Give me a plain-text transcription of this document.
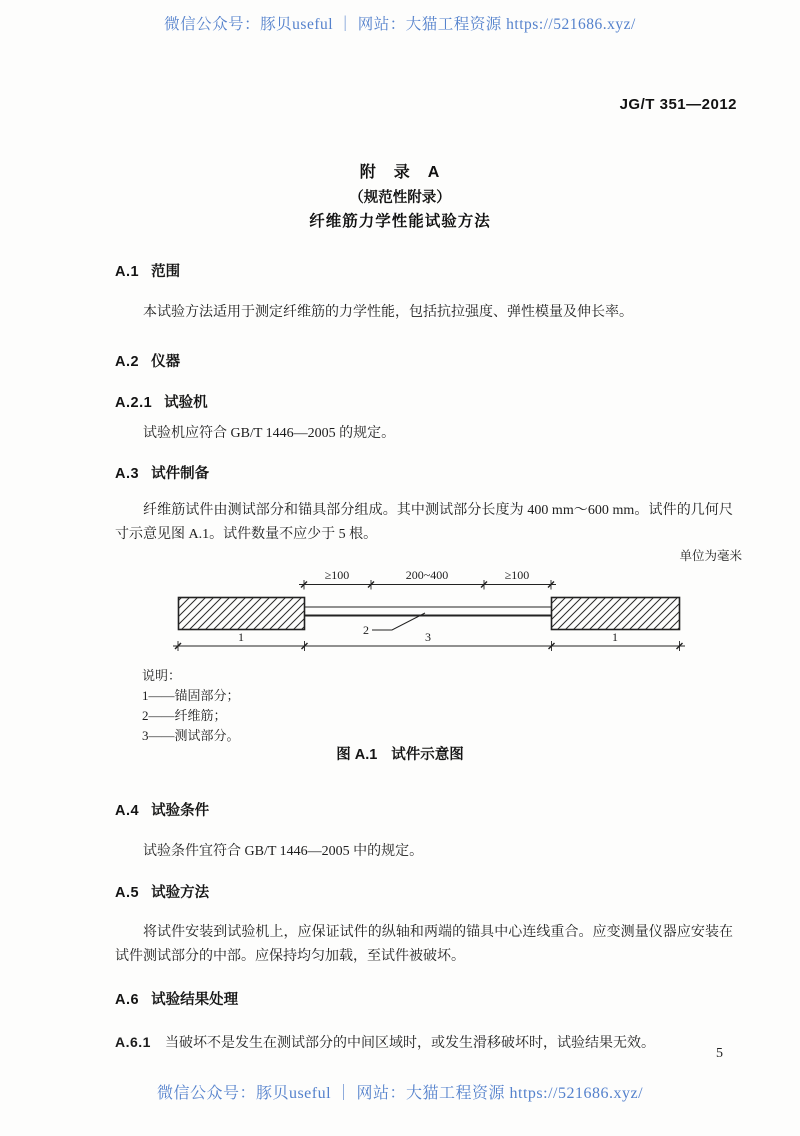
微信公众号：豚贝useful ｜ 网站：大猫工程资源 https://521686.xyz/
JG/T 351—2012
附　录　A
（规范性附录）
纤维筋力学性能试验方法
A.1 范围
本试验方法适用于测定纤维筋的力学性能，包括抗拉强度、弹性模量及伸长率。
A.2 仪器
A.2.1 试验机
试验机应符合 GB/T 1446—2005 的规定。
A.3 试件制备
纤维筋试件由测试部分和锚具部分组成。其中测试部分长度为 400 mm～600 mm。试件的几何尺寸示意见图 A.1。试件数量不应少于 5 根。
单位为毫米
≥100	200~400	≥100
2
1	3	1
说明：
1——锚固部分；
2——纤维筋；
3——测试部分。
图 A.1 试件示意图
A.4 试验条件
试验条件宜符合 GB/T 1446—2005 中的规定。
A.5 试验方法
将试件安装到试验机上，应保证试件的纵轴和两端的锚具中心连线重合。应变测量仪器应安装在试件测试部分的中部。应保持均匀加载，至试件被破坏。
A.6 试验结果处理
A.6.1 当破坏不是发生在测试部分的中间区域时，或发生滑移破坏时，试验结果无效。
5
微信公众号：豚贝useful ｜ 网站：大猫工程资源 https://521686.xyz/
